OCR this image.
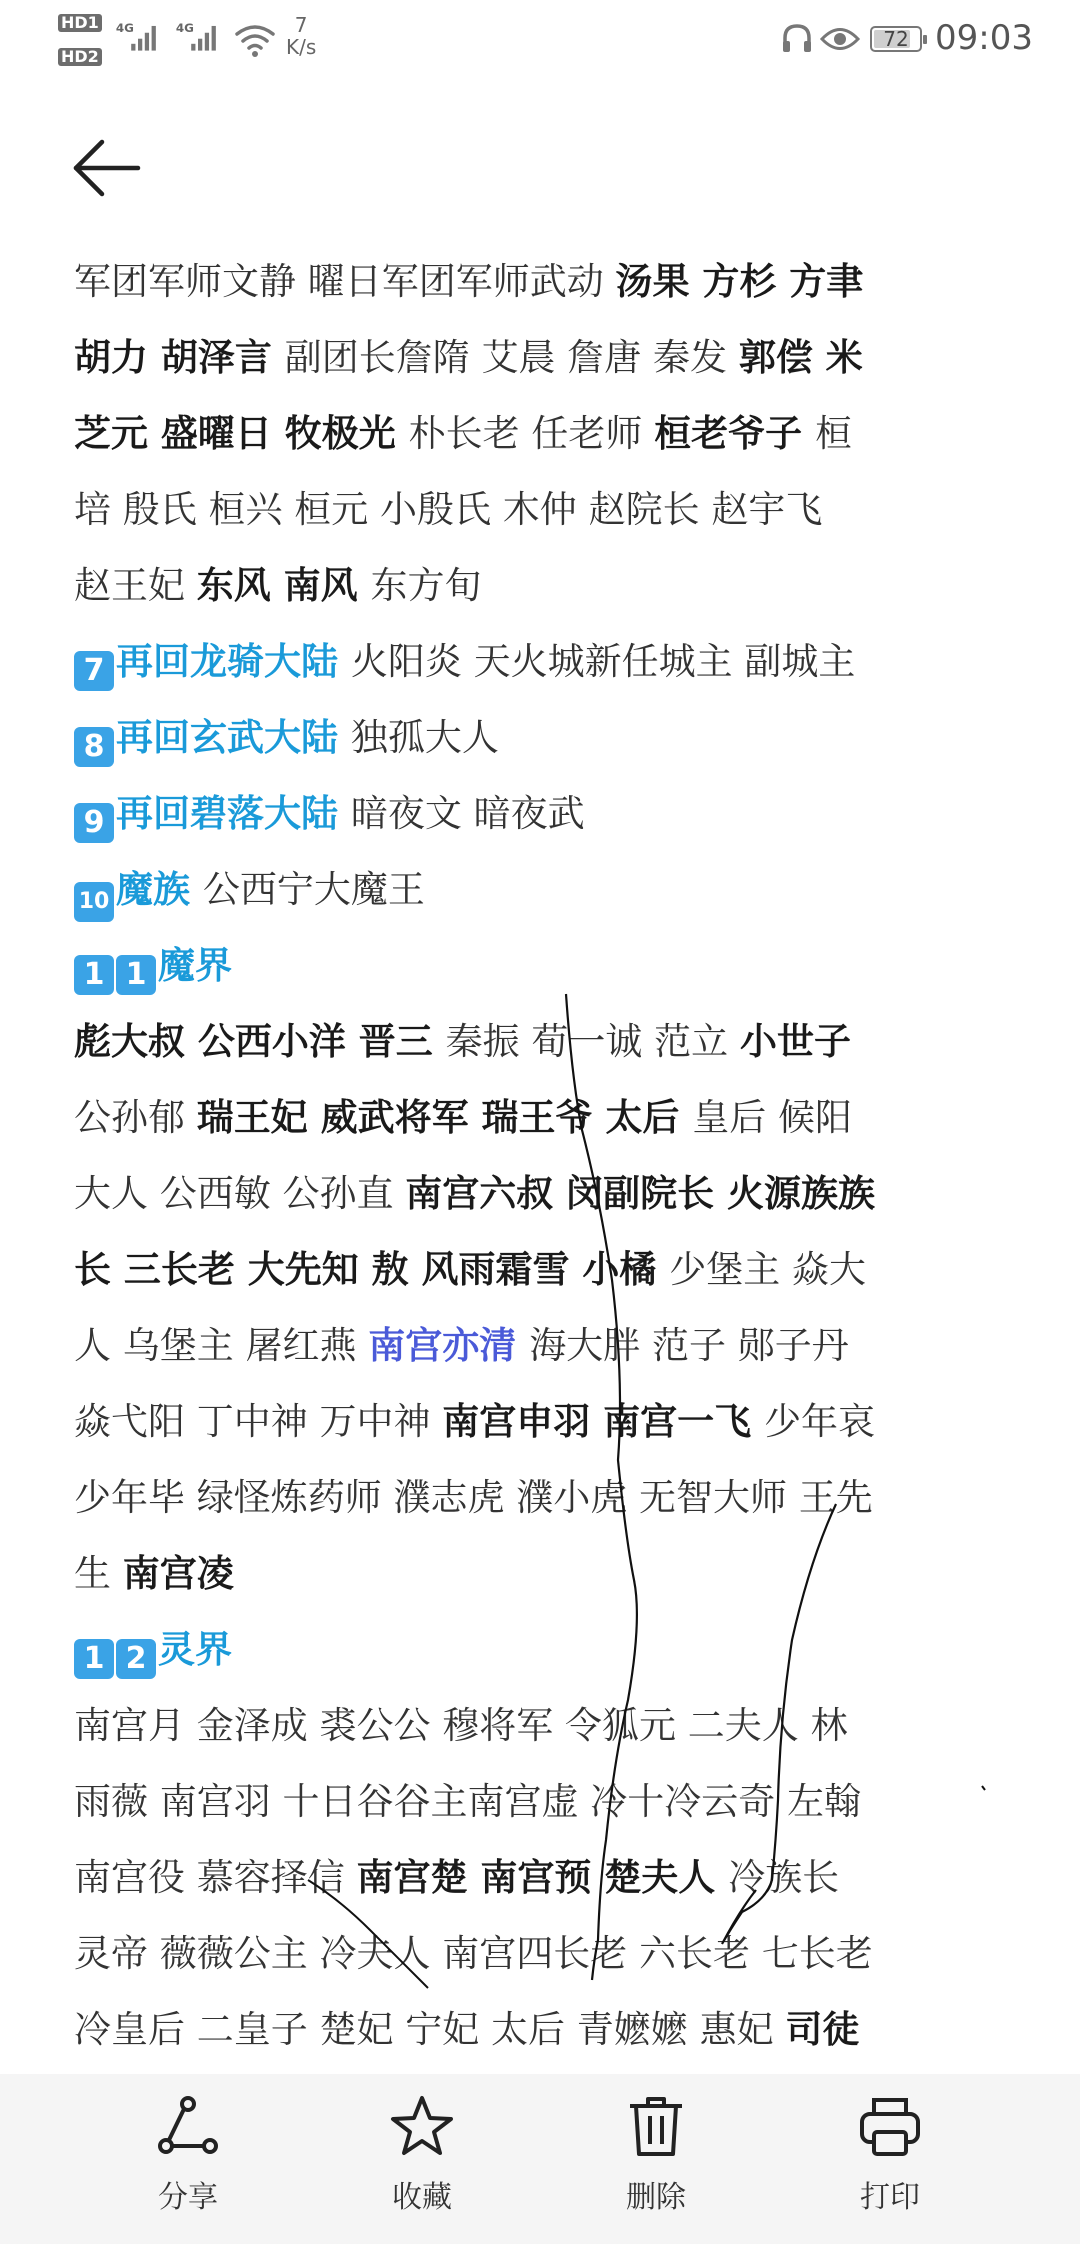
HD1
HD2
4G	4G	7
K/s	72 09:03
军团军师文静 曜日军团军师武动 汤果 方杉 方聿
胡力 胡泽言 副团长詹隋 艾晨 詹唐 秦发 郭偿 米
芝元 盛曜日 牧极光 朴长老 任老师 桓老爷子 桓
培 殷氏 桓兴 桓元 小殷氏 木仲 赵院长 赵宇飞
赵王妃 东风 南风 东方旬
7 再回龙骑大陆 火阳炎 天火城新任城主 副城主
8 再回玄武大陆 独孤大人
9 再回碧落大陆 暗夜文 暗夜武
10 魔族 公西宁大魔王
1 1 魔界
彪大叔 公西小洋 晋三 秦振 荀一诚 范立 小世子
公孙郁 瑞王妃 威武将军 瑞王爷 太后 皇后 候阳
大人 公西敏 公孙直 南宫六叔 闵副院长 火源族族
长 三长老 大先知 敖 风雨霜雪 小橘 少堡主 焱大
人 乌堡主 屠红燕 南宫亦清 海大胖 范子 郧子丹
焱弋阳 丁中神 万中神 南宫申羽 南宫一飞 少年哀
少年毕 绿怪炼药师 濮志虎 濮小虎 无智大师 王先
生 南宫凌
1 2 灵界
南宫月 金泽成 裘公公 穆将军 令狐元 二夫人 林
雨薇 南宫羽 十日谷谷主南宫虚 冷十冷云奇 左翰
南宫役 慕容择信 南宫楚 南宫预 楚夫人 冷族长
灵帝 薇薇公主 冷夫人 南宫四长老 六长老 七长老
冷皇后 二皇子 楚妃 宁妃 太后 青嬷嬷 惠妃 司徒
分享	收藏	删除	打印
